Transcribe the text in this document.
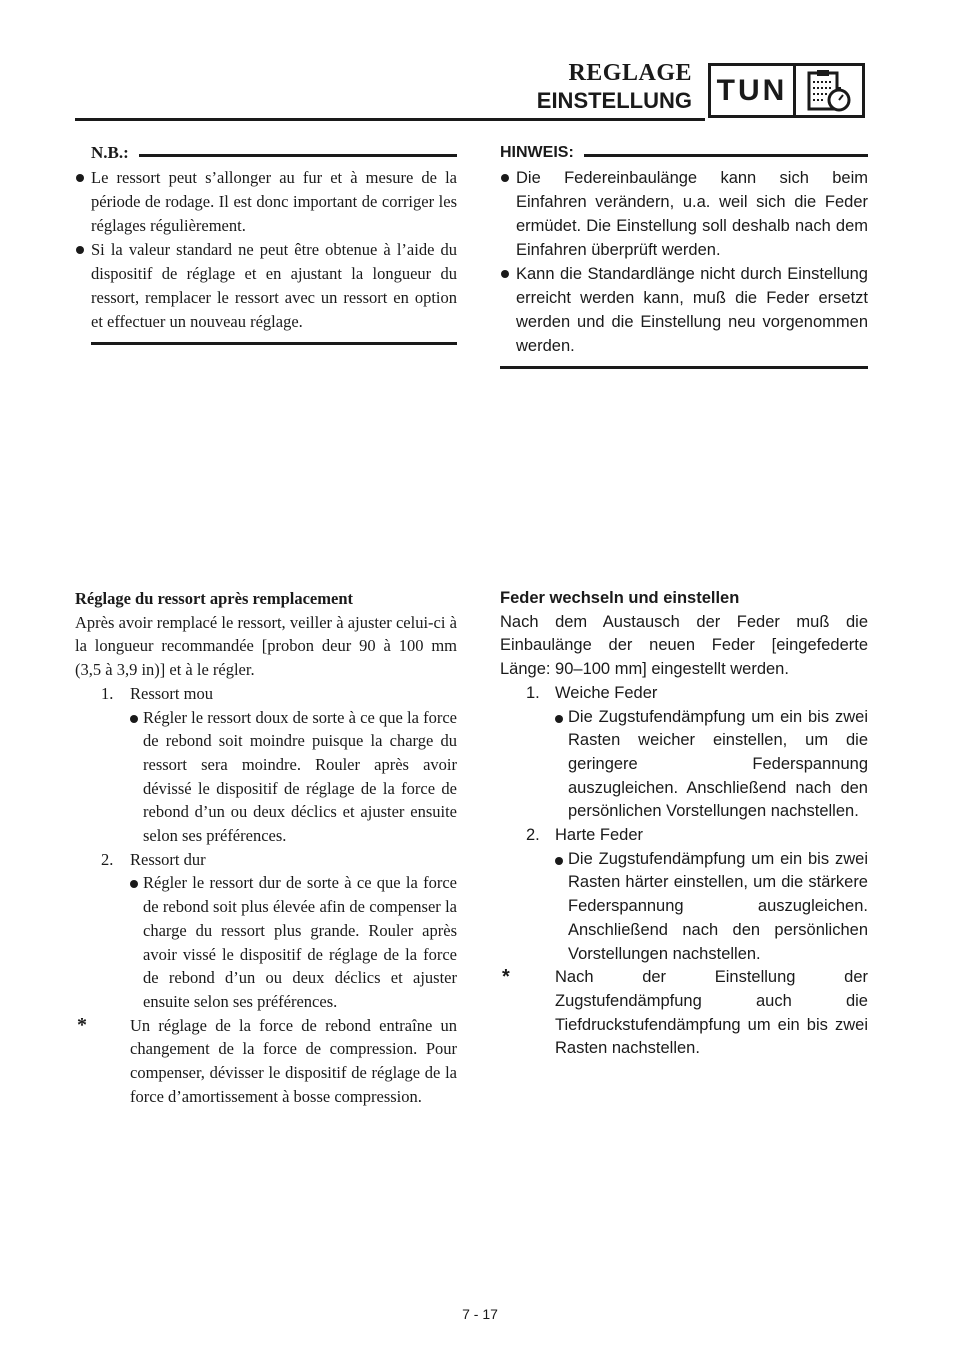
REGLAGE
EINSTELLUNG TUN
N.B.:
Le ressort peut s’allonger au fur et à mesure de la période de rodage. Il est donc important de corriger les réglages régulièrement.
Si la valeur standard ne peut être obtenue à l’aide du dispositif de réglage et en ajustant la longueur du ressort, remplacer le ressort avec un ressort en option et effectuer un nouveau réglage.
HINWEIS:
Die Federeinbaulänge kann sich beim Einfahren verändern, u.a. weil sich die Feder ermüdet. Die Einstellung soll deshalb nach dem Einfahren überprüft werden.
Kann die Standardlänge nicht durch Einstellung erreicht werden kann, muß die Feder ersetzt werden und die Einstellung neu vorgenommen werden.
Réglage du ressort après remplacement
Après avoir remplacé le ressort, veiller à ajuster celui-ci à la longueur recommandée [probon deur 90 à 100 mm (3,5 à 3,9 in)] et à le régler.
1. Ressort mou
Régler le ressort doux de sorte à ce que la force de rebond soit moindre puisque la charge du ressort sera moindre. Rouler après avoir dévissé le dispositif de réglage de la force de rebond d’un ou deux déclics et ajuster ensuite selon ses préférences.
2. Ressort dur
Régler le ressort dur de sorte à ce que la force de rebond soit plus élevée afin de compenser la charge du ressort plus grande. Rouler après avoir vissé le dispositif de réglage de la force de rebond d’un ou deux déclics et ajuster ensuite selon ses préférences.
*	Un réglage de la force de rebond entraîne un changement de la force de compression. Pour compenser, dévisser le dispositif de réglage de la force d’amortissement à bosse compression.
Feder wechseln und einstellen
Nach dem Austausch der Feder muß die Einbaulänge der neuen Feder [eingefederte Länge: 90–100 mm] eingestellt werden.
1. Weiche Feder
Die Zugstufendämpfung um ein bis zwei Rasten weicher einstellen, um die geringere Federspannung auszugleichen. Anschließend nach den persönlichen Vorstellungen nachstellen.
2. Harte Feder
Die Zugstufendämpfung um ein bis zwei Rasten härter einstellen, um die stärkere Federspannung auszugleichen. Anschließend nach den persönlichen Vorstellungen nachstellen.
*	Nach der Einstellung der Zugstufendämpfung auch die Tiefdruckstufendämpfung um ein bis zwei Rasten nachstellen.
7 - 17
